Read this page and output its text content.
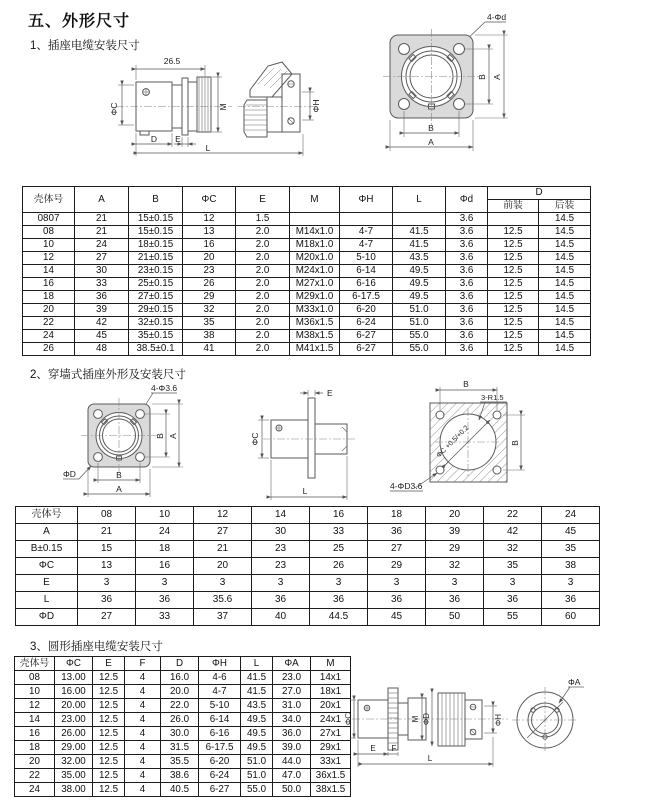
五、外形尺寸
1、插座电缆安装尺寸
26.5
ΦC	M	ΦH
D E
L
4-Φd
B A
B
A
壳体号	A	B	ΦC	E	M	ΦH	L	Φd	D	
									前装	后装
0807	21	15±0.15	12	1.5				3.6		14.5
08	21	15±0.15	13	2.0	M14x1.0	4-7	41.5	3.6	12.5	14.5
10	24	18±0.15	16	2.0	M18x1.0	4-7	41.5	3.6	12.5	14.5
12	27	21±0.15	20	2.0	M20x1.0	5-10	43.5	3.6	12.5	14.5
14	30	23±0.15	23	2.0	M24x1.0	6-14	49.5	3.6	12.5	14.5
16	33	25±0.15	26	2.0	M27x1.0	6-16	49.5	3.6	12.5	14.5
18	36	27±0.15	29	2.0	M29x1.0	6-17.5	49.5	3.6	12.5	14.5
20	39	29±0.15	32	2.0	M33x1.0	6-20	51.0	3.6	12.5	14.5
22	42	32±0.15	35	2.0	M36x1.5	6-24	51.0	3.6	12.5	14.5
24	45	35±0.15	38	2.0	M38x1.5	6-27	55.0	3.6	12.5	14.5
26	48	38.5±0.1	41	2.0	M41x1.5	6-27	55.0	3.6	12.5	14.5
2、穿墙式插座外形及安装尺寸
4-Φ3.6
ΦD	B
A
B A
E
ΦC
L
ΦC +0.5/+0.2
B
3-R1.5
B
4-ΦD3.6
壳体号	08	10	12	14	16	18	20	22	24
A	21	24	27	30	33	36	39	42	45
B±0.15	15	18	21	23	25	27	29	32	35
ΦC	13	16	20	23	26	29	32	35	38
E	3	3	3	3	3	3	3	3	3
L	36	36	35.6	36	36	36	36	36	36
ΦD	27	33	37	40	44.5	45	50	55	60
3、圆形插座电缆安装尺寸
壳体号	ΦC	E	F	D	ΦH	L	ΦA	M
08	13.00	12.5	4	16.0	4-6	41.5	23.0	14x1
10	16.00	12.5	4	20.0	4-7	41.5	27.0	18x1
12	20.00	12.5	4	22.0	5-10	43.5	31.0	20x1
14	23.00	12.5	4	26.0	6-14	49.5	34.0	24x1
16	26.00	12.5	4	30.0	6-16	49.5	36.0	27x1
18	29.00	12.5	4	31.5	6-17.5	49.5	39.0	29x1
20	32.00	12.5	4	35.5	6-20	51.0	44.0	33x1
22	35.00	12.5	4	38.6	6-24	51.0	47.0	36x1.5
24	38.00	12.5	4	40.5	6-27	55.0	50.0	38x1.5
ΦC	M ΦD	ΦH
E F
L
ΦA
